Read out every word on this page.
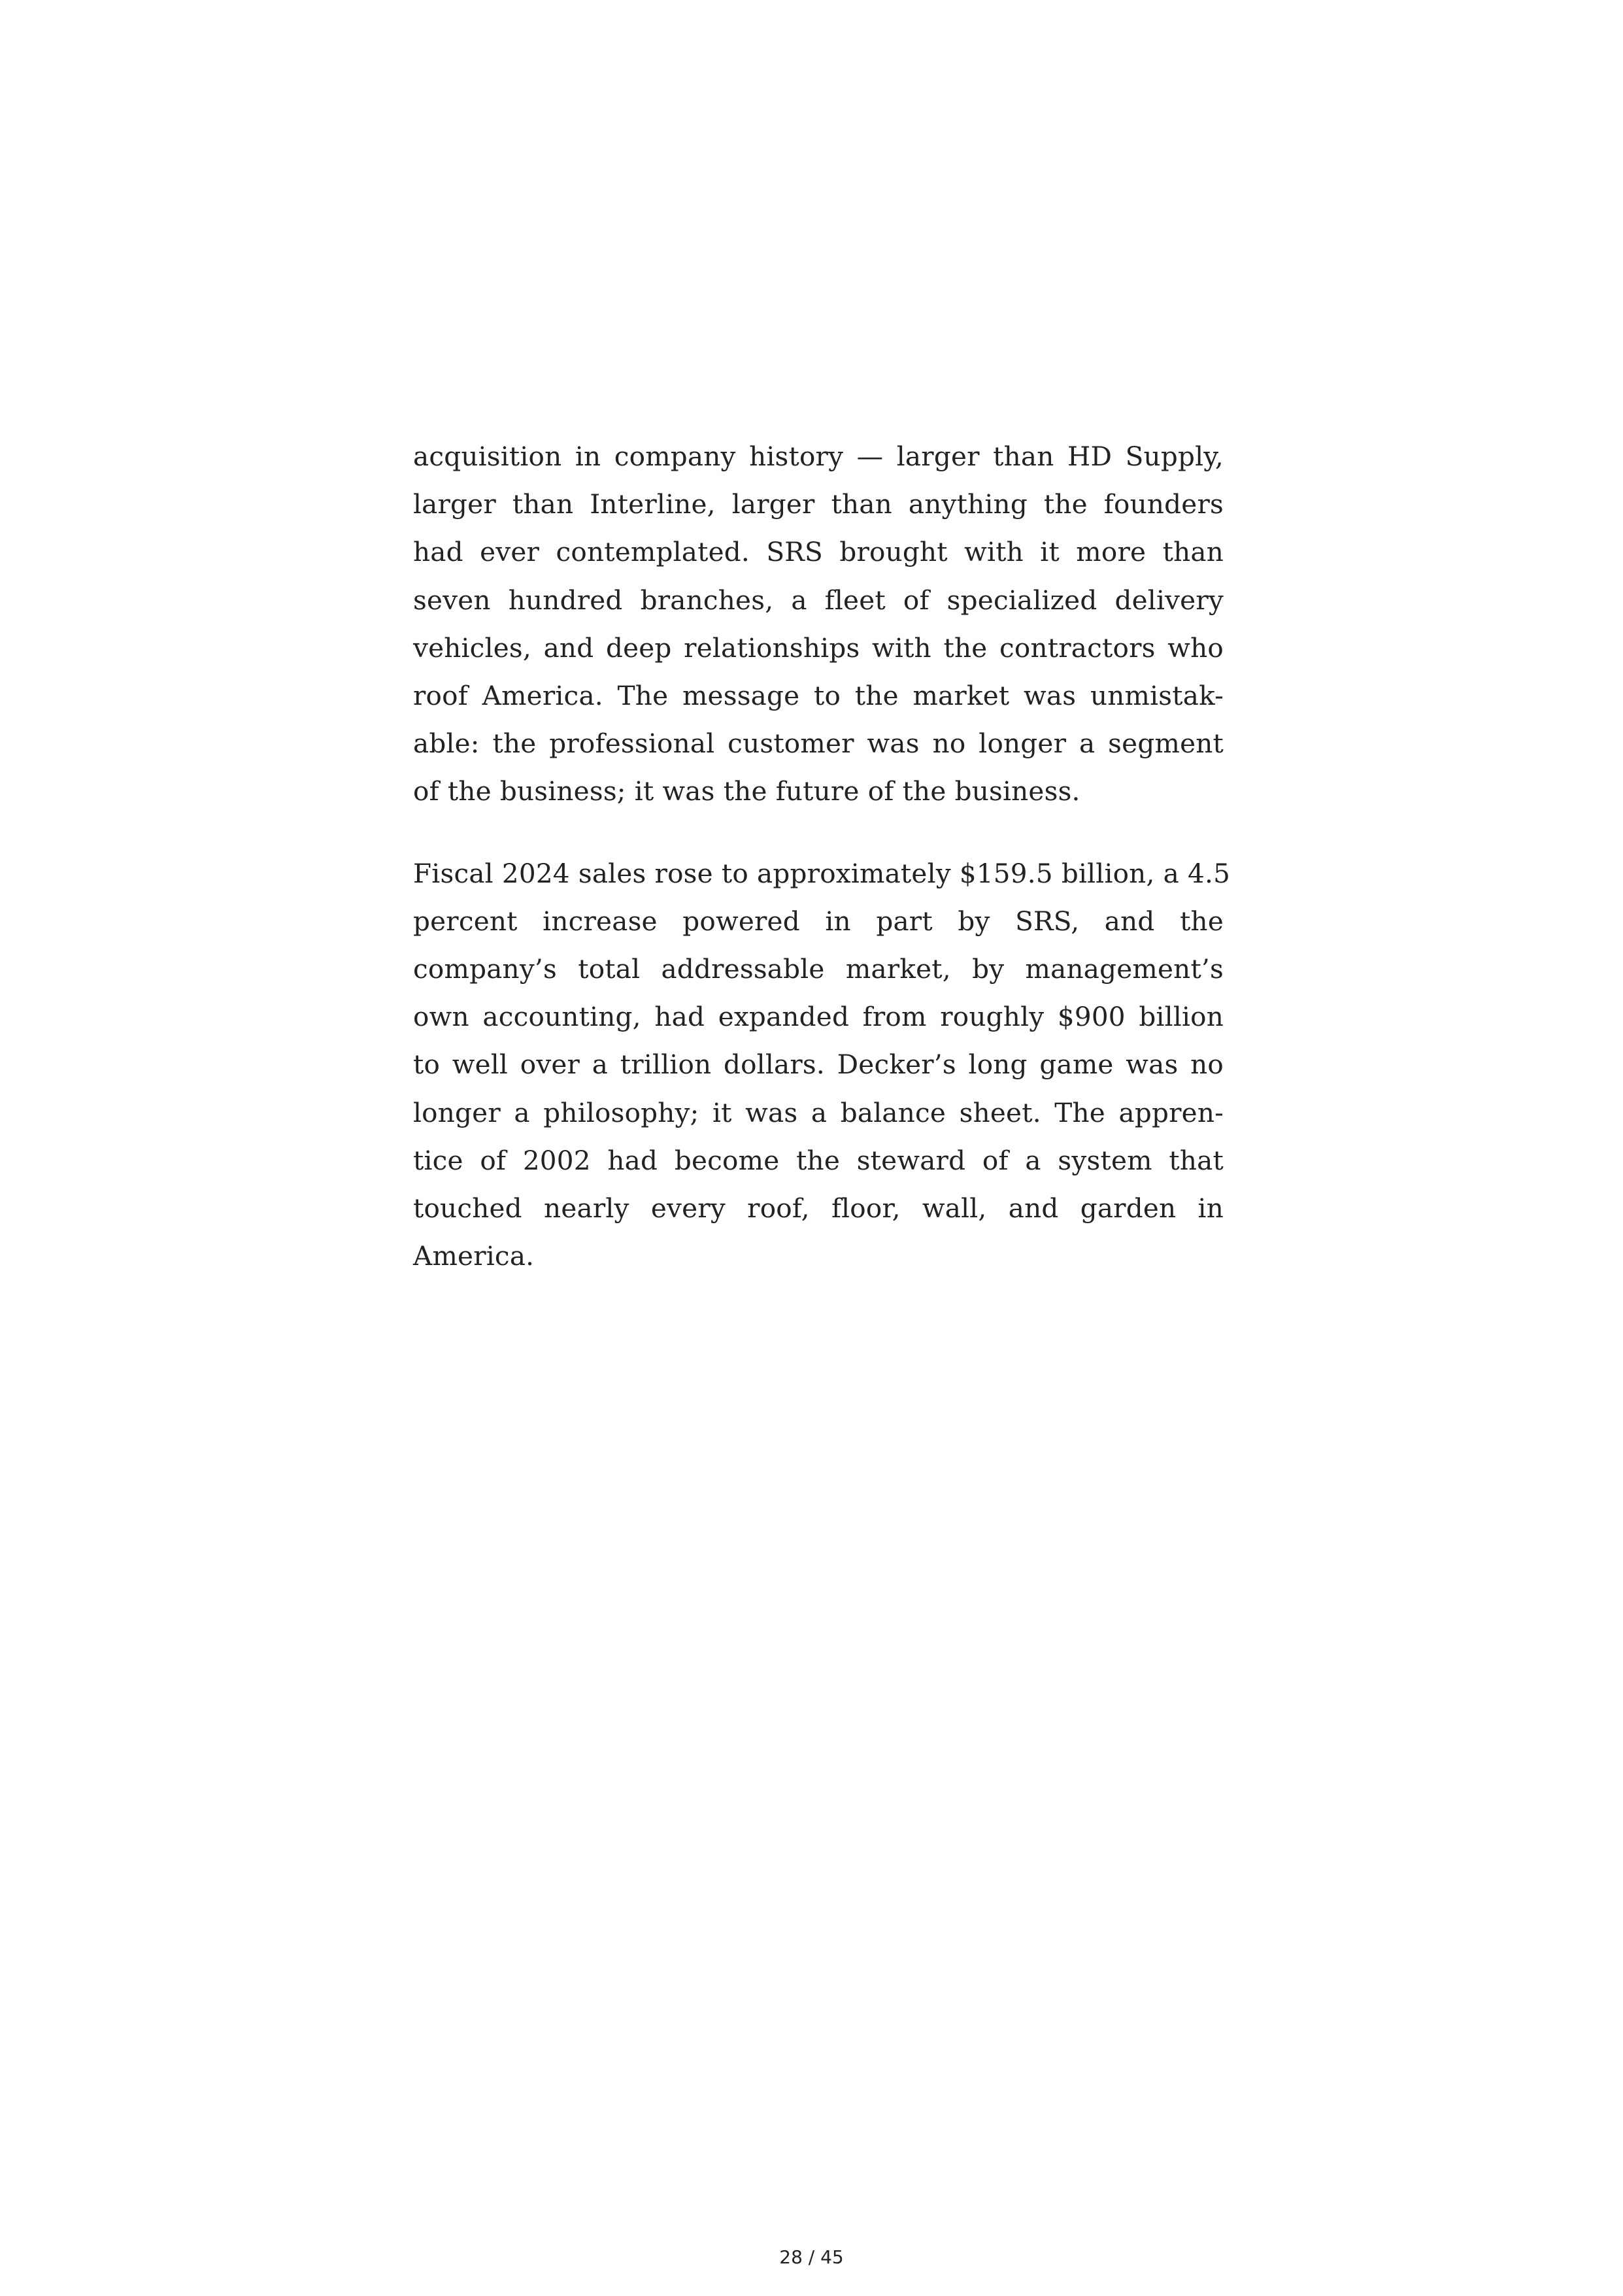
acquisition in company history — larger than HD Supply,
larger than Interline, larger than anything the founders
had ever contemplated. SRS brought with it more than
seven hundred branches, a fleet of specialized delivery
vehicles, and deep relationships with the contractors who
roof America. The message to the market was unmistak-
able: the professional customer was no longer a segment
of the business; it was the future of the business.
Fiscal 2024 sales rose to approximately $159.5 billion, a 4.5
percent increase powered in part by SRS, and the
company’s total addressable market, by management’s
own accounting, had expanded from roughly $900 billion
to well over a trillion dollars. Decker’s long game was no
longer a philosophy; it was a balance sheet. The appren-
tice of 2002 had become the steward of a system that
touched nearly every roof, floor, wall, and garden in
America.
28 / 45
